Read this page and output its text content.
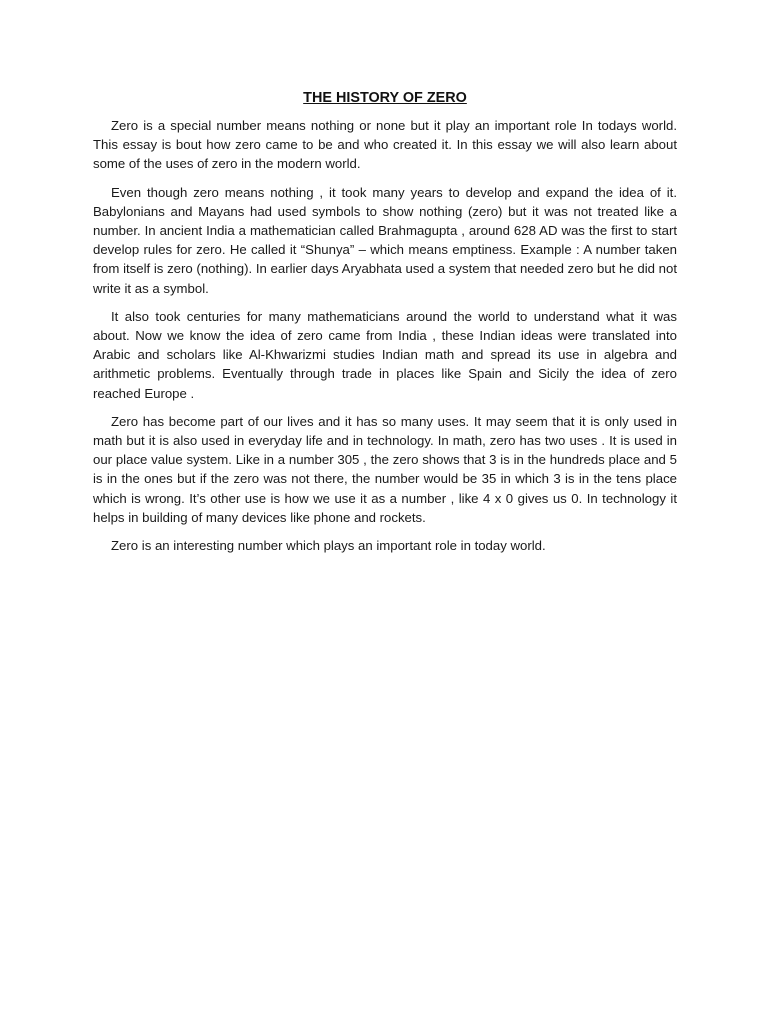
THE HISTORY OF ZERO

Zero is a special number means nothing or none but it play an important role In todays world. This essay is bout how zero came to be and who created it. In this essay we will also learn about some of the uses of zero in the modern world.

Even though zero means nothing , it took many years to develop and expand the idea of it. Babylonians and Mayans had used symbols to show nothing (zero) but it was not treated like a number. In ancient India a mathematician called Brahmagupta , around 628 AD was the first to start develop rules for zero. He called it “Shunya” – which means emptiness. Example : A number taken from itself is zero (nothing). In earlier days Aryabhata used a system that needed zero but he did not write it as a symbol.

It also took centuries for many mathematicians around the world to understand what it was about. Now we know the idea of zero came from India , these Indian ideas were translated into Arabic and scholars like Al-Khwarizmi studies Indian math and spread its use in algebra and arithmetic problems. Eventually through trade in places like Spain and Sicily the idea of zero reached Europe .

Zero has become part of our lives and it has so many uses. It may seem that it is only used in math but it is also used in everyday life and in technology. In math, zero has two uses . It is used in our place value system. Like in a number 305 , the zero shows that 3 is in the hundreds place and 5 is in the ones but if the zero was not there, the number would be 35 in which 3 is in the tens place which is wrong. It’s other use is how we use it as a number , like 4 x 0 gives us 0. In technology it helps in building of many devices like phone and rockets.

Zero is an interesting number which plays an important role in today world.
